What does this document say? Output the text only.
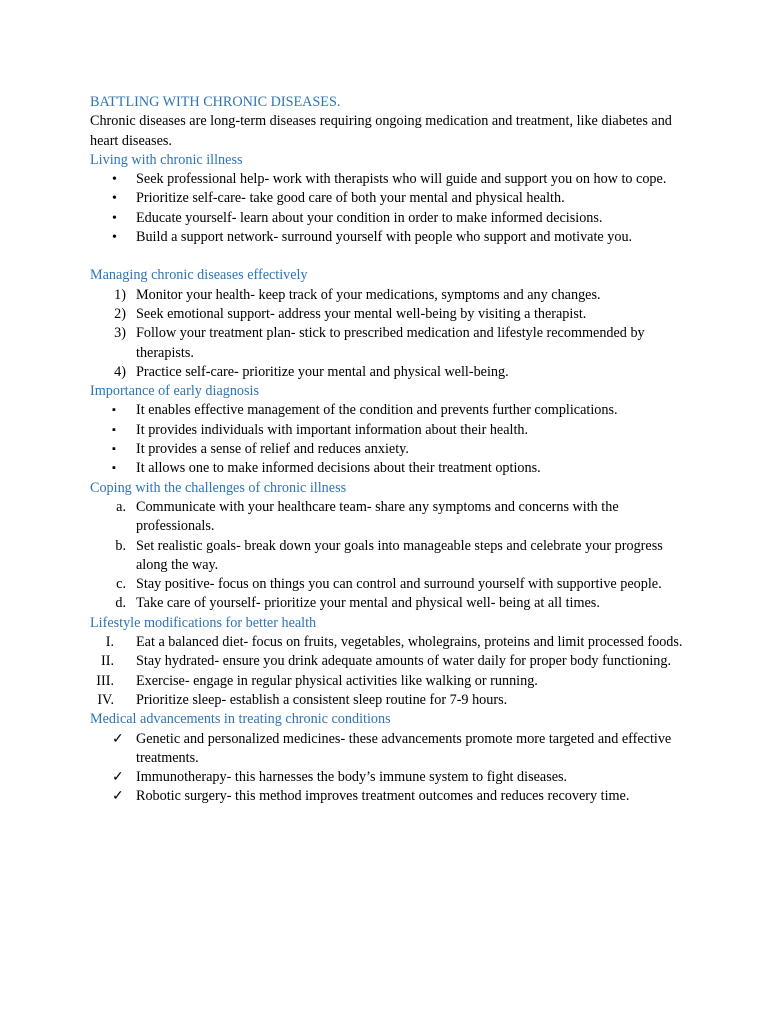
BATTLING WITH CHRONIC DISEASES.

Chronic diseases are long-term diseases requiring ongoing medication and treatment, like diabetes and heart diseases.

Living with chronic illness

•	Seek professional help- work with therapists who will guide and support you on how to cope.
•	Prioritize self-care- take good care of both your mental and physical health.
•	Educate yourself- learn about your condition in order to make informed decisions.
•	Build a support network- surround yourself with people who support and motivate you.

Managing chronic diseases effectively

1) Monitor your health- keep track of your medications, symptoms and any changes.
2) Seek emotional support- address your mental well-being by visiting a therapist.
3) Follow your treatment plan- stick to prescribed medication and lifestyle recommended by therapists.
4) Practice self-care- prioritize your mental and physical well-being.

Importance of early diagnosis

▪	It enables effective management of the condition and prevents further complications.
▪	It provides individuals with important information about their health.
▪	It provides a sense of relief and reduces anxiety.
▪	It allows one to make informed decisions about their treatment options.

Coping with the challenges of chronic illness

a. Communicate with your healthcare team- share any symptoms and concerns with the professionals.
b. Set realistic goals- break down your goals into manageable steps and celebrate your progress along the way.
c. Stay positive- focus on things you can control and surround yourself with supportive people.
d. Take care of yourself- prioritize your mental and physical well- being at all times.

Lifestyle modifications for better health

I. Eat a balanced diet- focus on fruits, vegetables, wholegrains, proteins and limit processed foods.
II. Stay hydrated- ensure you drink adequate amounts of water daily for proper body functioning.
III. Exercise- engage in regular physical activities like walking or running.
IV. Prioritize sleep- establish a consistent sleep routine for 7-9 hours.

Medical advancements in treating chronic conditions

✓ Genetic and personalized medicines- these advancements promote more targeted and effective treatments.
✓ Immunotherapy- this harnesses the body’s immune system to fight diseases.
✓ Robotic surgery- this method improves treatment outcomes and reduces recovery time.
